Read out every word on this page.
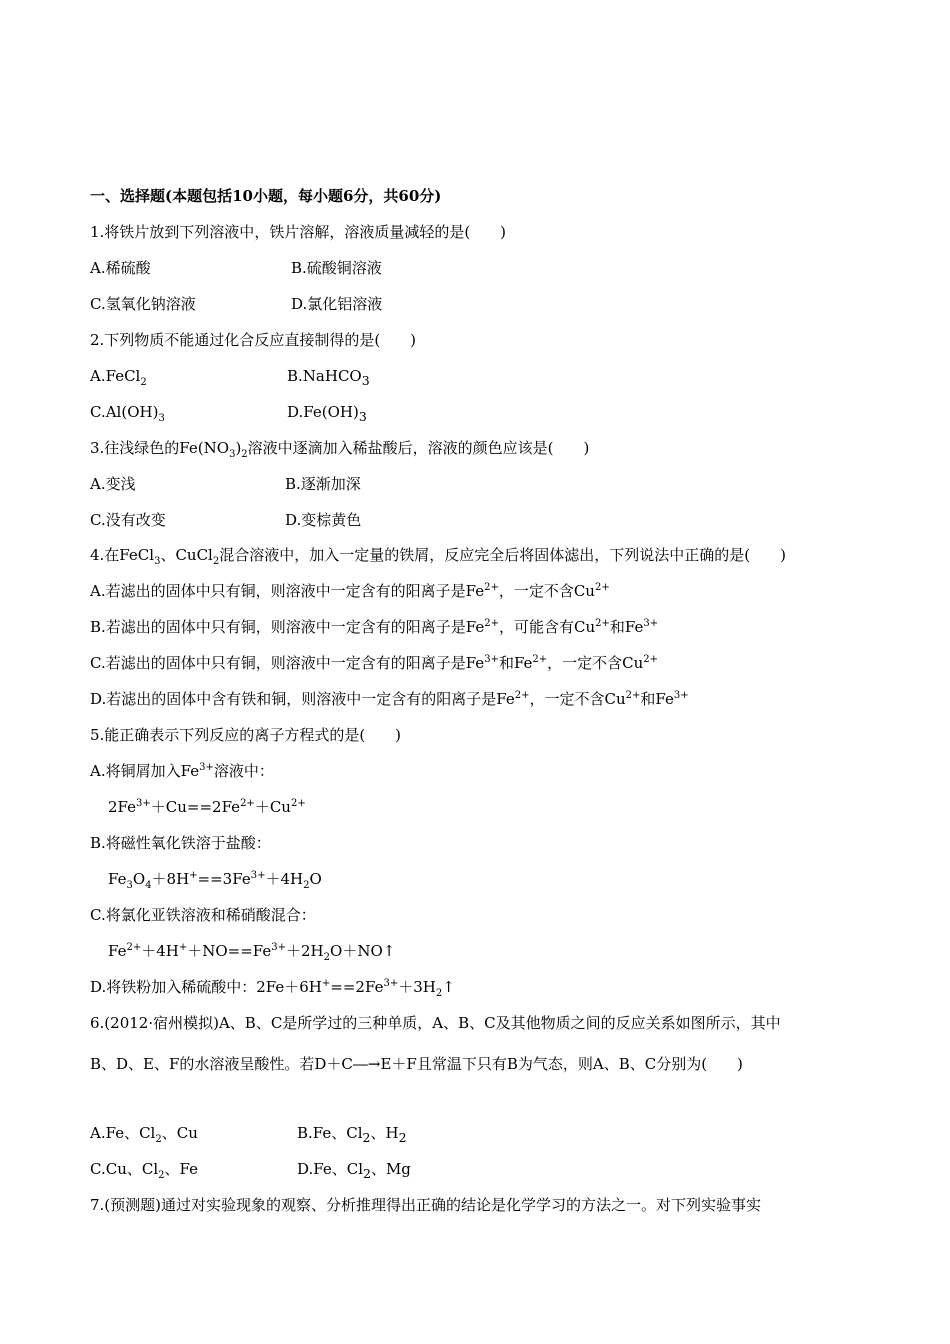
一、选择题(本题包括10小题，每小题6分，共60分)
1.将铁片放到下列溶液中，铁片溶解，溶液质量减轻的是(　　)
A.稀硫酸	B.硫酸铜溶液
C.氢氧化钠溶液	D.氯化铝溶液
2.下列物质不能通过化合反应直接制得的是(　　)
A.FeCl$_2$	B.NaHCO$_3$
$C.Al(OH)_3$	$D.Fe(OH)_3$
3.往浅绿色的$Fe(NO_3)_2$溶液中逐滴加入稀盐酸后，溶液的颜色应该是(　　)
A.变浅	B.逐渐加深
C.没有改变	D.变棕黄色
4.在FeCl$_3$、CuCl$_2$混合溶液中，加入一定量的铁屑，反应完全后将固体滤出，下列说法中正确的是(　　)
A.若滤出的固体中只有铜，则溶液中一定含有的阳离子是$Fe^{2+}$，一定不含$Cu^{2+}$
B.若滤出的固体中只有铜，则溶液中一定含有的阳离子是$Fe^{2+}$，可能含有$Cu^{2+}$和$Fe^{3+}$
C.若滤出的固体中只有铜，则溶液中一定含有的阳离子是$Fe^{3+}$和$Fe^{2+}$，一定不含$Cu^{2+}$
D.若滤出的固体中含有铁和铜，则溶液中一定含有的阳离子是$Fe^{2+}$，一定不含$Cu^{2+}$和$Fe^{3+}$
5.能正确表示下列反应的离子方程式的是(　　)
A.将铜屑加入$Fe^{3+}$溶液中：
$2Fe^{3+}+Cu==2Fe^{2+}+Cu^{2+}$
B.将磁性氧化铁溶于盐酸：
$Fe_3O_4+8H^+==3Fe^{3+}+4H_2O$
C.将氯化亚铁溶液和稀硝酸混合：
$Fe^{2+}+4H^++NO==Fe^{3+}+2H_2O+NO↑$
D.将铁粉加入稀硫酸中：$2Fe+6H^+==2Fe^{3+}+3H_2↑$
6.(2012·宿州模拟)A、B、C是所学过的三种单质，A、B、C及其他物质之间的反应关系如图所示，其中
B、D、E、F的水溶液呈酸性。若D＋C―→E＋F且常温下只有B为气态，则A、B、C分别为(　　)
A.Fe、$Cl_2$、Cu	B.Fe、$Cl_2$、$H_2$
C.Cu、$Cl_2$、Fe	D.Fe、$Cl_2$、Mg
7.(预测题)通过对实验现象的观察、分析推理得出正确的结论是化学学习的方法之一。对下列实验事实
